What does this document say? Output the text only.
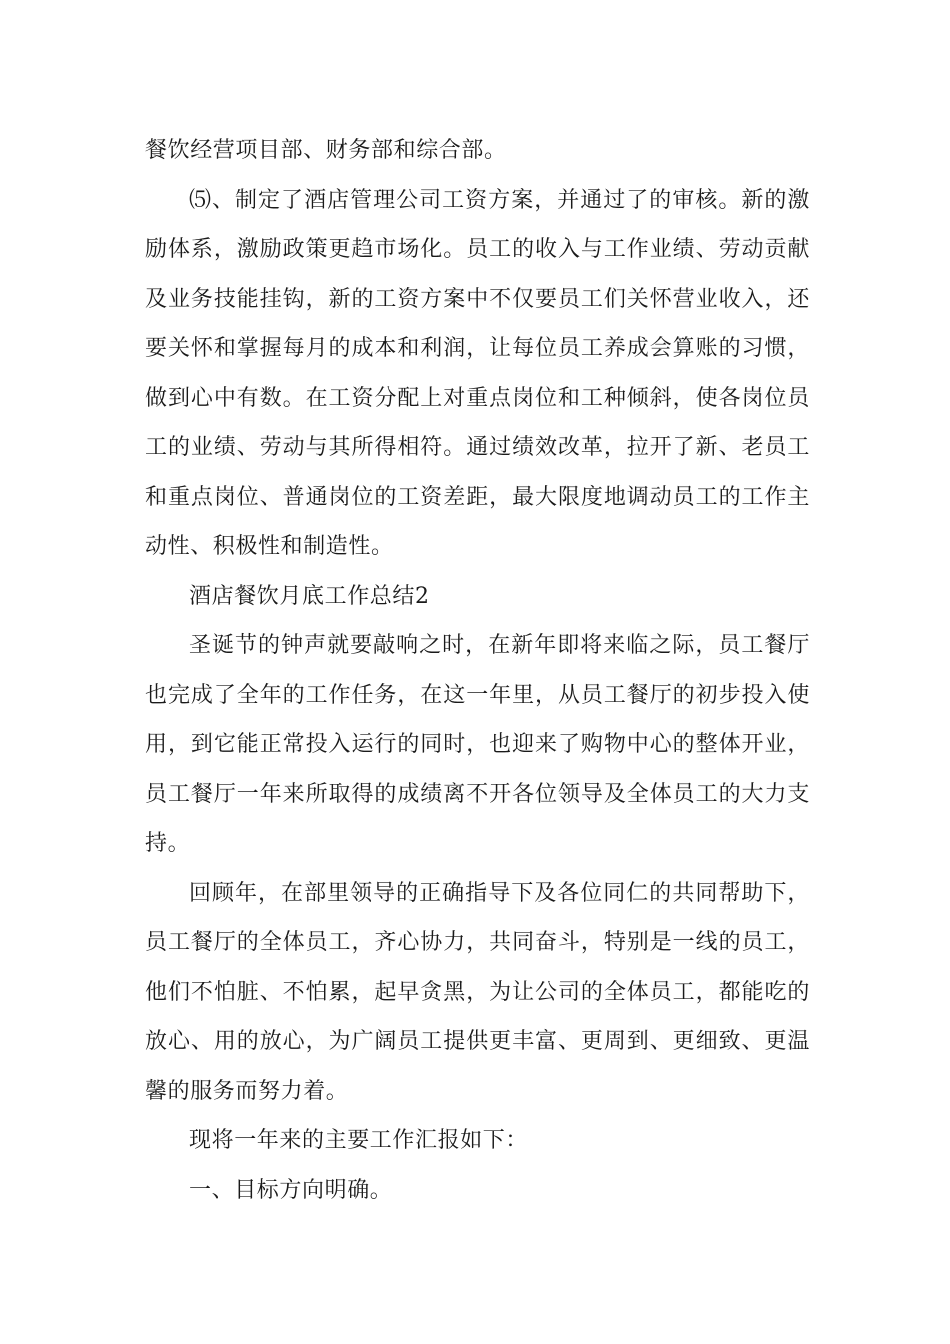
餐饮经营项目部、财务部和综合部。

⑸、制定了酒店管理公司工资方案，并通过了的审核。新的激励体系，激励政策更趋市场化。员工的收入与工作业绩、劳动贡献及业务技能挂钩，新的工资方案中不仅要员工们关怀营业收入，还要关怀和掌握每月的成本和利润，让每位员工养成会算账的习惯，做到心中有数。在工资分配上对重点岗位和工种倾斜，使各岗位员工的业绩、劳动与其所得相符。通过绩效改革，拉开了新、老员工和重点岗位、普通岗位的工资差距，最大限度地调动员工的工作主动性、积极性和制造性。

酒店餐饮月底工作总结2

圣诞节的钟声就要敲响之时，在新年即将来临之际，员工餐厅也完成了全年的工作任务，在这一年里，从员工餐厅的初步投入使用，到它能正常投入运行的同时，也迎来了购物中心的整体开业，员工餐厅一年来所取得的成绩离不开各位领导及全体员工的大力支持。

回顾年，在部里领导的正确指导下及各位同仁的共同帮助下，员工餐厅的全体员工，齐心协力，共同奋斗，特别是一线的员工，他们不怕脏、不怕累，起早贪黑，为让公司的全体员工，都能吃的放心、用的放心，为广阔员工提供更丰富、更周到、更细致、更温馨的服务而努力着。

现将一年来的主要工作汇报如下：

一、目标方向明确。
